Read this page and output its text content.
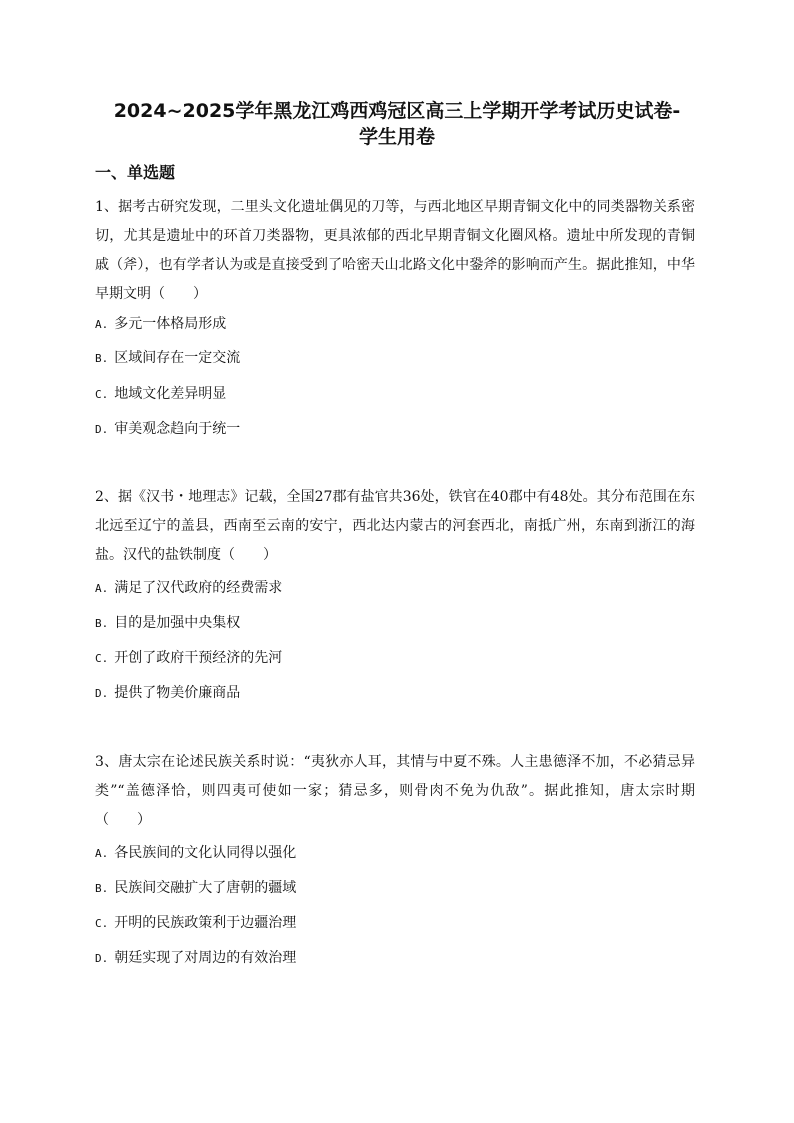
2024~2025学年黑龙江鸡西鸡冠区高三上学期开学考试历史试卷-
学生用卷
一、单选题
1、据考古研究发现，二里头文化遗址偶见的刀等，与西北地区早期青铜文化中的同类器物关系密切，尤其是遗址中的环首刀类器物，更具浓郁的西北早期青铜文化圈风格。遗址中所发现的青铜戚（斧），也有学者认为或是直接受到了哈密天山北路文化中銎斧的影响而产生。据此推知，中华早期文明（　　）
A. 多元一体格局形成
B. 区域间存在一定交流
C. 地域文化差异明显
D. 审美观念趋向于统一
2、据《汉书・地理志》记载，全国27郡有盐官共36处，铁官在40郡中有48处。其分布范围在东北远至辽宁的盖县，西南至云南的安宁，西北达内蒙古的河套西北，南抵广州，东南到浙江的海盐。汉代的盐铁制度（　　）
A. 满足了汉代政府的经费需求
B. 目的是加强中央集权
C. 开创了政府干预经济的先河
D. 提供了物美价廉商品
3、唐太宗在论述民族关系时说：“夷狄亦人耳，其情与中夏不殊。人主患德泽不加，不必猜忌异类”“盖德泽恰，则四夷可使如一家；猜忌多，则骨肉不免为仇敌”。据此推知，唐太宗时期（　　）
A. 各民族间的文化认同得以强化
B. 民族间交融扩大了唐朝的疆域
C. 开明的民族政策利于边疆治理
D. 朝廷实现了对周边的有效治理
